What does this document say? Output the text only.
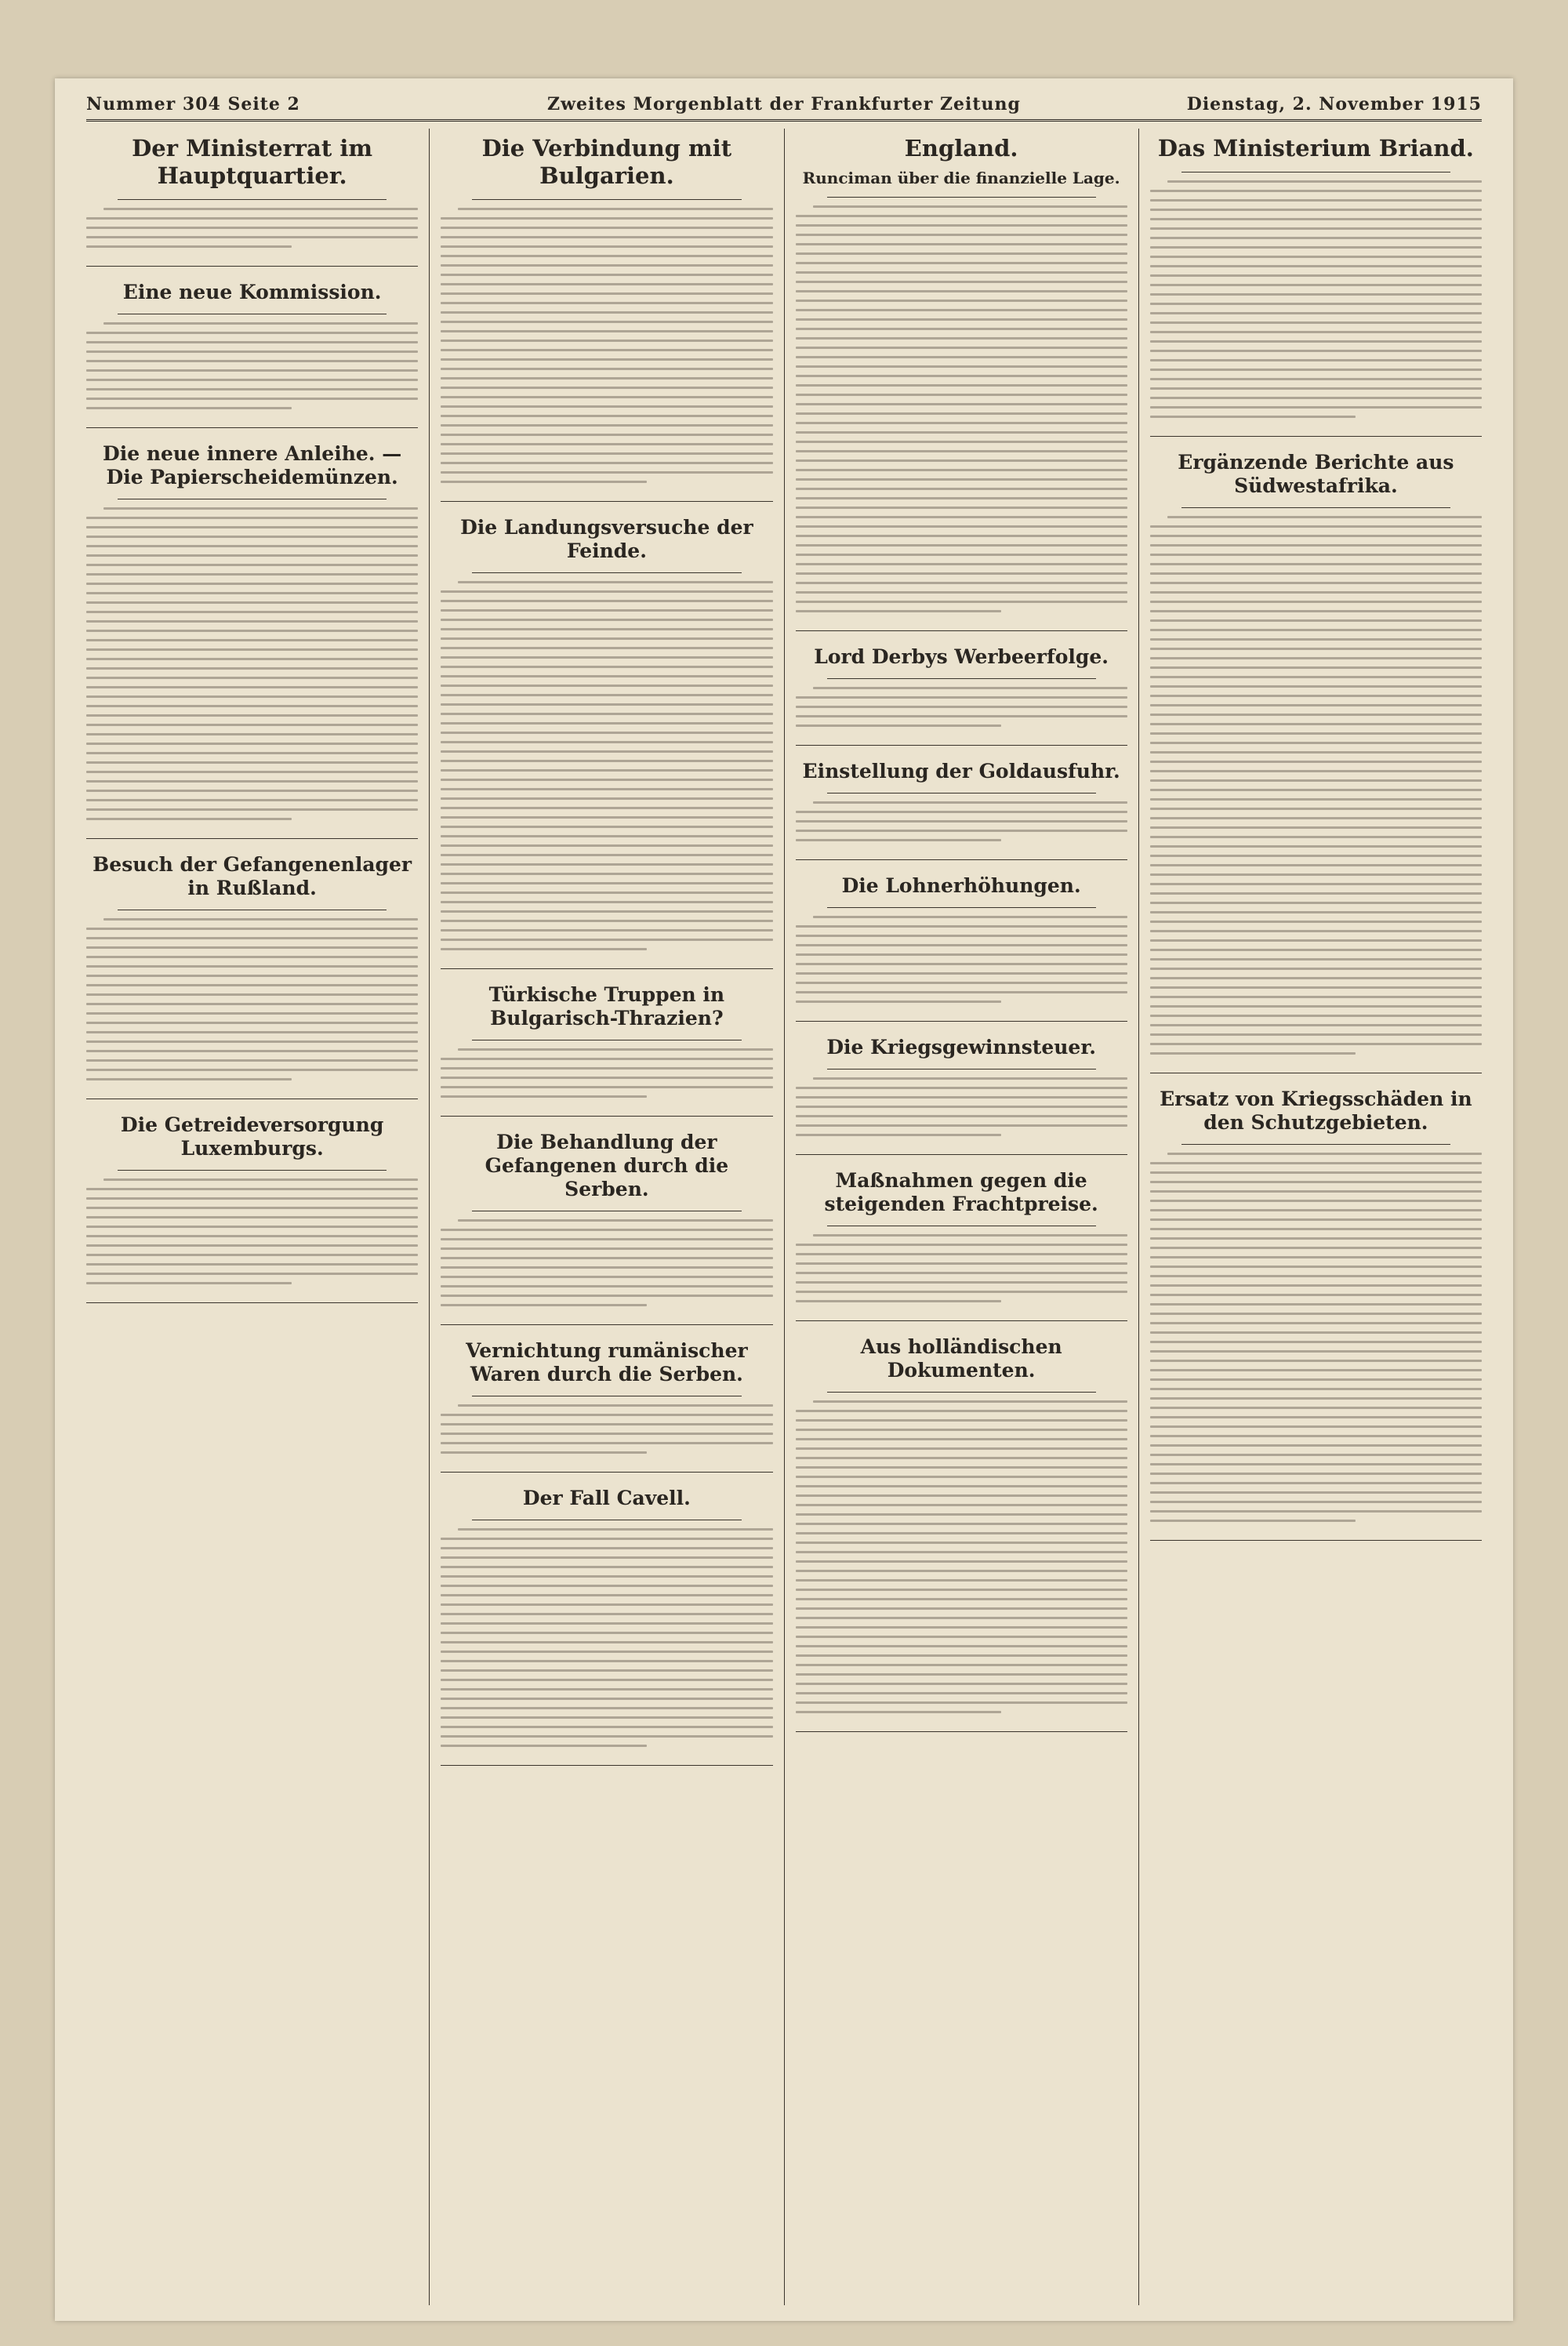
Nummer 304 Seite 2	Zweites Morgenblatt der Frankfurter Zeitung	Dienstag, 2. November 1915
Der Ministerrat im Hauptquartier.
Eine neue Kommission.
Die neue innere Anleihe. — Die Papierscheidemünzen.
Besuch der Gefangenenlager in Rußland.
Die Getreideversorgung Luxemburgs.
Die Verbindung mit Bulgarien.
Die Landungsversuche der Feinde.
Türkische Truppen in Bulgarisch-Thrazien?
Die Behandlung der Gefangenen durch die Serben.
Vernichtung rumänischer Waren durch die Serben.
Der Fall Cavell.
England.
Runciman über die finanzielle Lage.
Lord Derbys Werbeerfolge.
Einstellung der Goldausfuhr.
Die Lohnerhöhungen.
Die Kriegsgewinnsteuer.
Maßnahmen gegen die steigenden Frachtpreise.
Aus holländischen Dokumenten.
Das Ministerium Briand.
Ergänzende Berichte aus Südwestafrika.
Ersatz von Kriegsschäden in den Schutzgebieten.
